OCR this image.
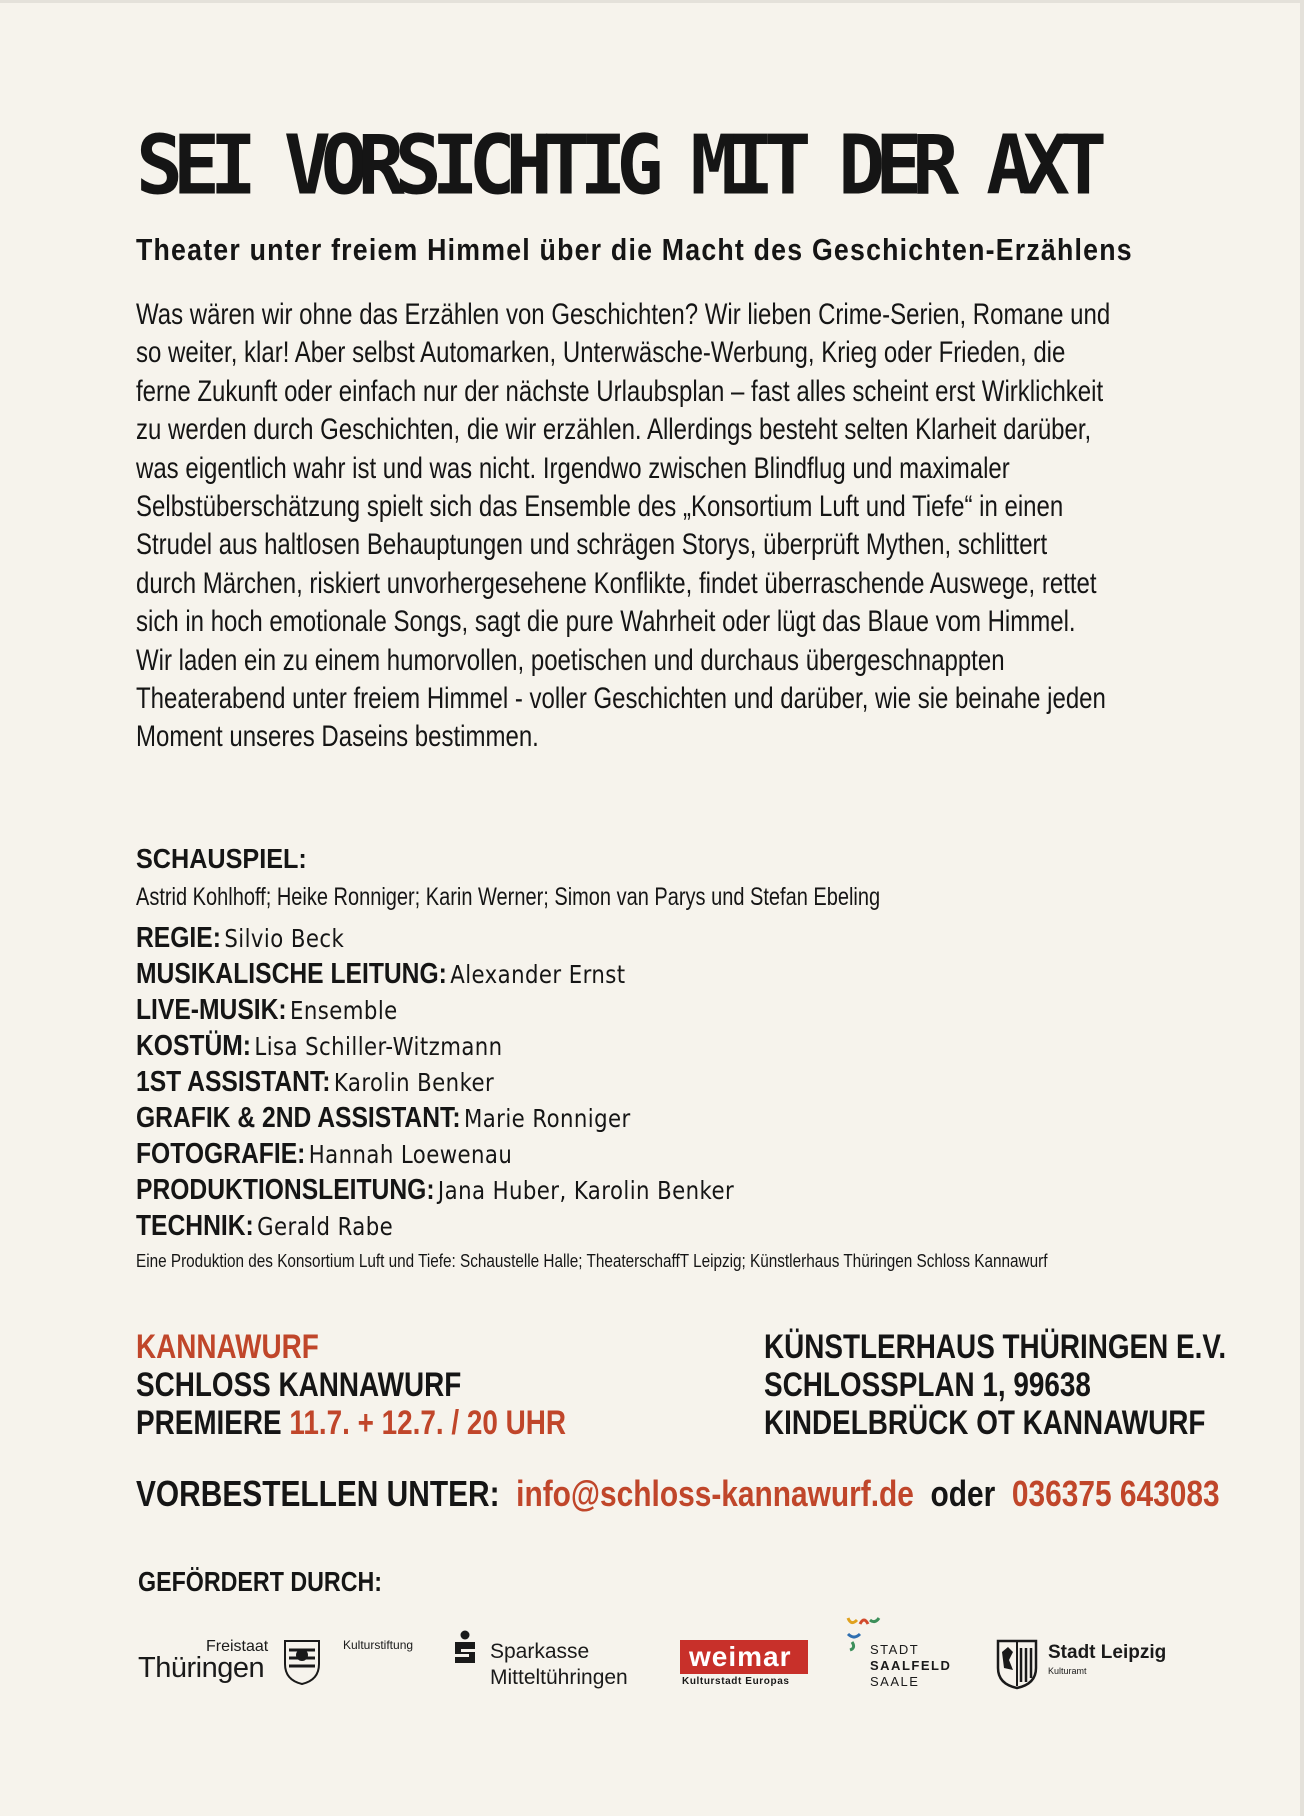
SEI VORSICHTIG MIT DER AXT
Theater unter freiem Himmel über die Macht des Geschichten-Erzählens

Was wären wir ohne das Erzählen von Geschichten? Wir lieben Crime-Serien, Romane und so weiter, klar! Aber selbst Automarken, Unterwäsche-Werbung, Krieg oder Frieden, die ferne Zukunft oder einfach nur der nächste Urlaubsplan – fast alles scheint erst Wirklichkeit zu werden durch Geschichten, die wir erzählen. Allerdings besteht selten Klarheit darüber, was eigentlich wahr ist und was nicht. Irgendwo zwischen Blindflug und maximaler Selbstüberschätzung spielt sich das Ensemble des „Konsortium Luft und Tiefe“ in einen Strudel aus haltlosen Behauptungen und schrägen Storys, überprüft Mythen, schlittert durch Märchen, riskiert unvorhergesehene Konflikte, findet überraschende Auswege, rettet sich in hoch emotionale Songs, sagt die pure Wahrheit oder lügt das Blaue vom Himmel. Wir laden ein zu einem humorvollen, poetischen und durchaus übergeschnappten Theaterabend unter freiem Himmel - voller Geschichten und darüber, wie sie beinahe jeden Moment unseres Daseins bestimmen.

SCHAUSPIEL:
Astrid Kohlhoff; Heike Ronniger; Karin Werner; Simon van Parys und Stefan Ebeling
REGIE: Silvio Beck
MUSIKALISCHE LEITUNG: Alexander Ernst
LIVE-MUSIK: Ensemble
KOSTÜM: Lisa Schiller-Witzmann
1ST ASSISTANT: Karolin Benker
GRAFIK & 2ND ASSISTANT: Marie Ronniger
FOTOGRAFIE: Hannah Loewenau
PRODUKTIONSLEITUNG: Jana Huber, Karolin Benker
TECHNIK: Gerald Rabe
Eine Produktion des Konsortium Luft und Tiefe: Schaustelle Halle; TheaterschaffT Leipzig; Künstlerhaus Thüringen Schloss Kannawurf
KANNAWURF
SCHLOSS KANNAWURF
PREMIERE 11.7. + 12.7. / 20 UHR
KÜNSTLERHAUS THÜRINGEN E.V.
SCHLOSSPLAN 1, 99638
KINDELBRÜCK OT KANNAWURF
VORBESTELLEN UNTER: info@schloss-kannawurf.de oder 036375 643083
GEFÖRDERT DURCH:
Freistaat
Thüringen
Kulturstiftung	Sparkasse
Mitteltühringen
weimar
Kulturstadt Europas
STADT
SAALFELD
SAALE
Stadt Leipzig
Kulturamt
